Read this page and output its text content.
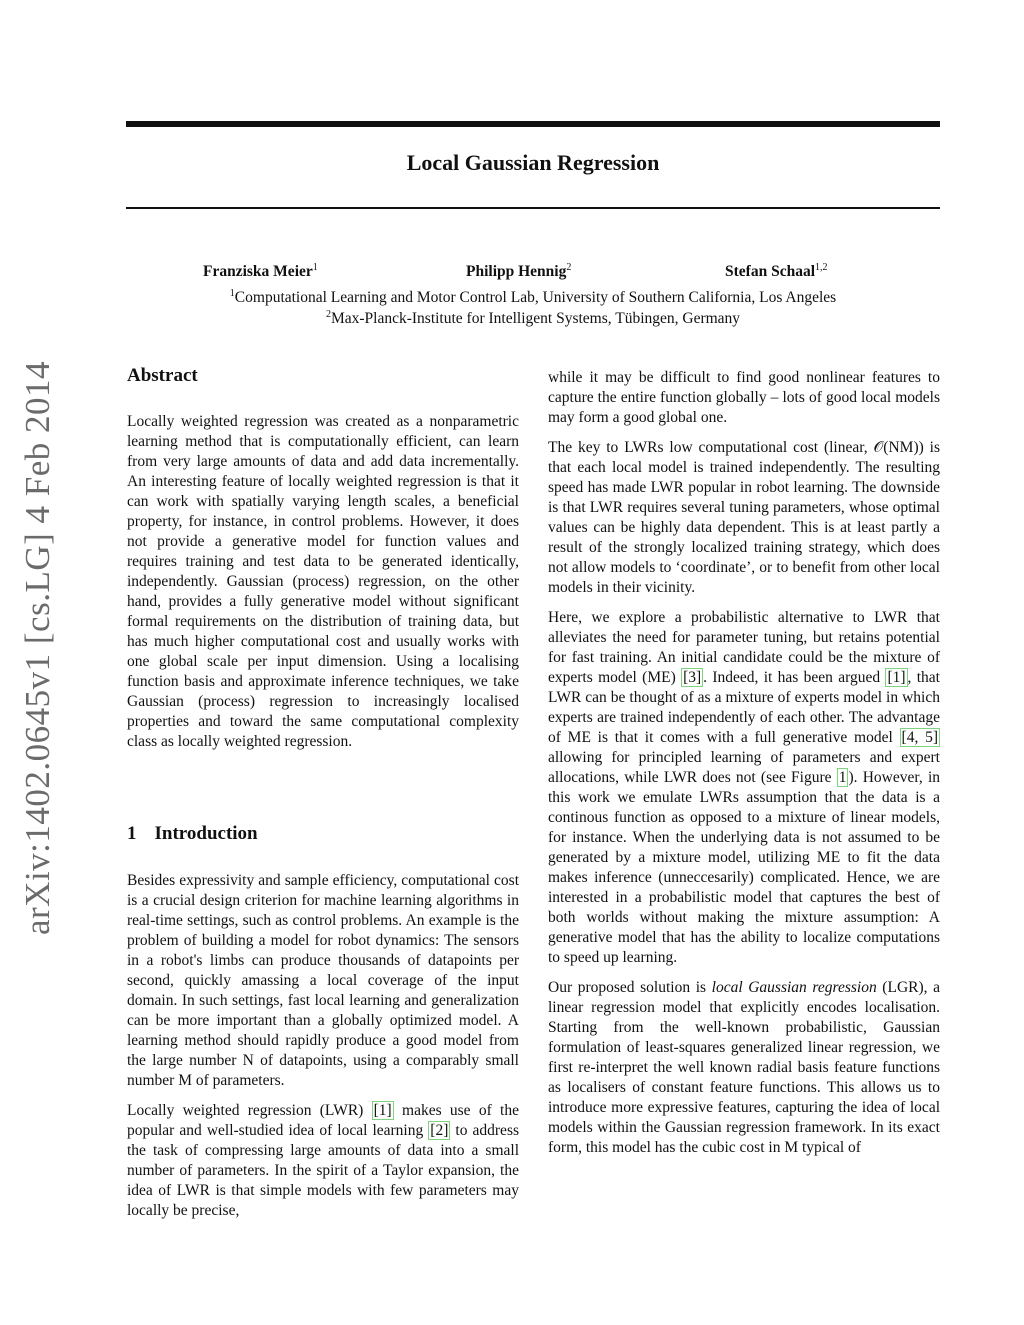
arXiv:1402.0645v1 [cs.LG] 4 Feb 2014
Local Gaussian Regression
Franziska Meier$^1$	Philipp Hennig$^2$	Stefan Schaal$^{1,2}$
$^1$Computational Learning and Motor Control Lab, University of Southern California, Los Angeles
$^2$Max-Planck-Institute for Intelligent Systems, Tübingen, Germany
Abstract

Locally weighted regression was created as a nonparametric learning method that is computationally efficient, can learn from very large amounts of data and add data incrementally. An interesting feature of locally weighted regression is that it can work with spatially varying length scales, a beneficial property, for instance, in control problems. However, it does not provide a generative model for function values and requires training and test data to be generated identically, independently. Gaussian (process) regression, on the other hand, provides a fully generative model without significant formal requirements on the distribution of training data, but has much higher computational cost and usually works with one global scale per input dimension. Using a localising function basis and approximate inference techniques, we take Gaussian (process) regression to increasingly localised properties and toward the same computational complexity class as locally weighted regression.

1 Introduction

Besides expressivity and sample efficiency, computational cost is a crucial design criterion for machine learning algorithms in real-time settings, such as control problems. An example is the problem of building a model for robot dynamics: The sensors in a robot's limbs can produce thousands of datapoints per second, quickly amassing a local coverage of the input domain. In such settings, fast local learning and generalization can be more important than a globally optimized model. A learning method should rapidly produce a good model from the large number N of datapoints, using a comparably small number M of parameters.

Locally weighted regression (LWR) [1] makes use of the popular and well-studied idea of local learning [2] to address the task of compressing large amounts of data into a small number of parameters. In the spirit of a Taylor expansion, the idea of LWR is that simple models with few parameters may locally be precise,

while it may be difficult to find good nonlinear features to capture the entire function globally – lots of good local models may form a good global one.

The key to LWRs low computational cost (linear, 𝒪(NM)) is that each local model is trained independently. The resulting speed has made LWR popular in robot learning. The downside is that LWR requires several tuning parameters, whose optimal values can be highly data dependent. This is at least partly a result of the strongly localized training strategy, which does not allow models to ‘coordinate’, or to benefit from other local models in their vicinity.

Here, we explore a probabilistic alternative to LWR that alleviates the need for parameter tuning, but retains potential for fast training. An initial candidate could be the mixture of experts model (ME) [3] . Indeed, it has been argued [1] , that LWR can be thought of as a mixture of experts model in which experts are trained independently of each other. The advantage of ME is that it comes with a full generative model [4, 5] allowing for principled learning of parameters and expert allocations, while LWR does not (see Figure 1 ). However, in this work we emulate LWRs assumption that the data is a continous function as opposed to a mixture of linear models, for instance. When the underlying data is not assumed to be generated by a mixture model, utilizing ME to fit the data makes inference (unneccesarily) complicated. Hence, we are interested in a probabilistic model that captures the best of both worlds without making the mixture assumption: A generative model that has the ability to localize computations to speed up learning.

Our proposed solution is local Gaussian regression (LGR), a linear regression model that explicitly encodes localisation. Starting from the well-known probabilistic, Gaussian formulation of least-squares generalized linear regression, we first re-interpret the well known radial basis feature functions as localisers of constant feature functions. This allows us to introduce more expressive features, capturing the idea of local models within the Gaussian regression framework. In its exact form, this model has the cubic cost in M typical of
